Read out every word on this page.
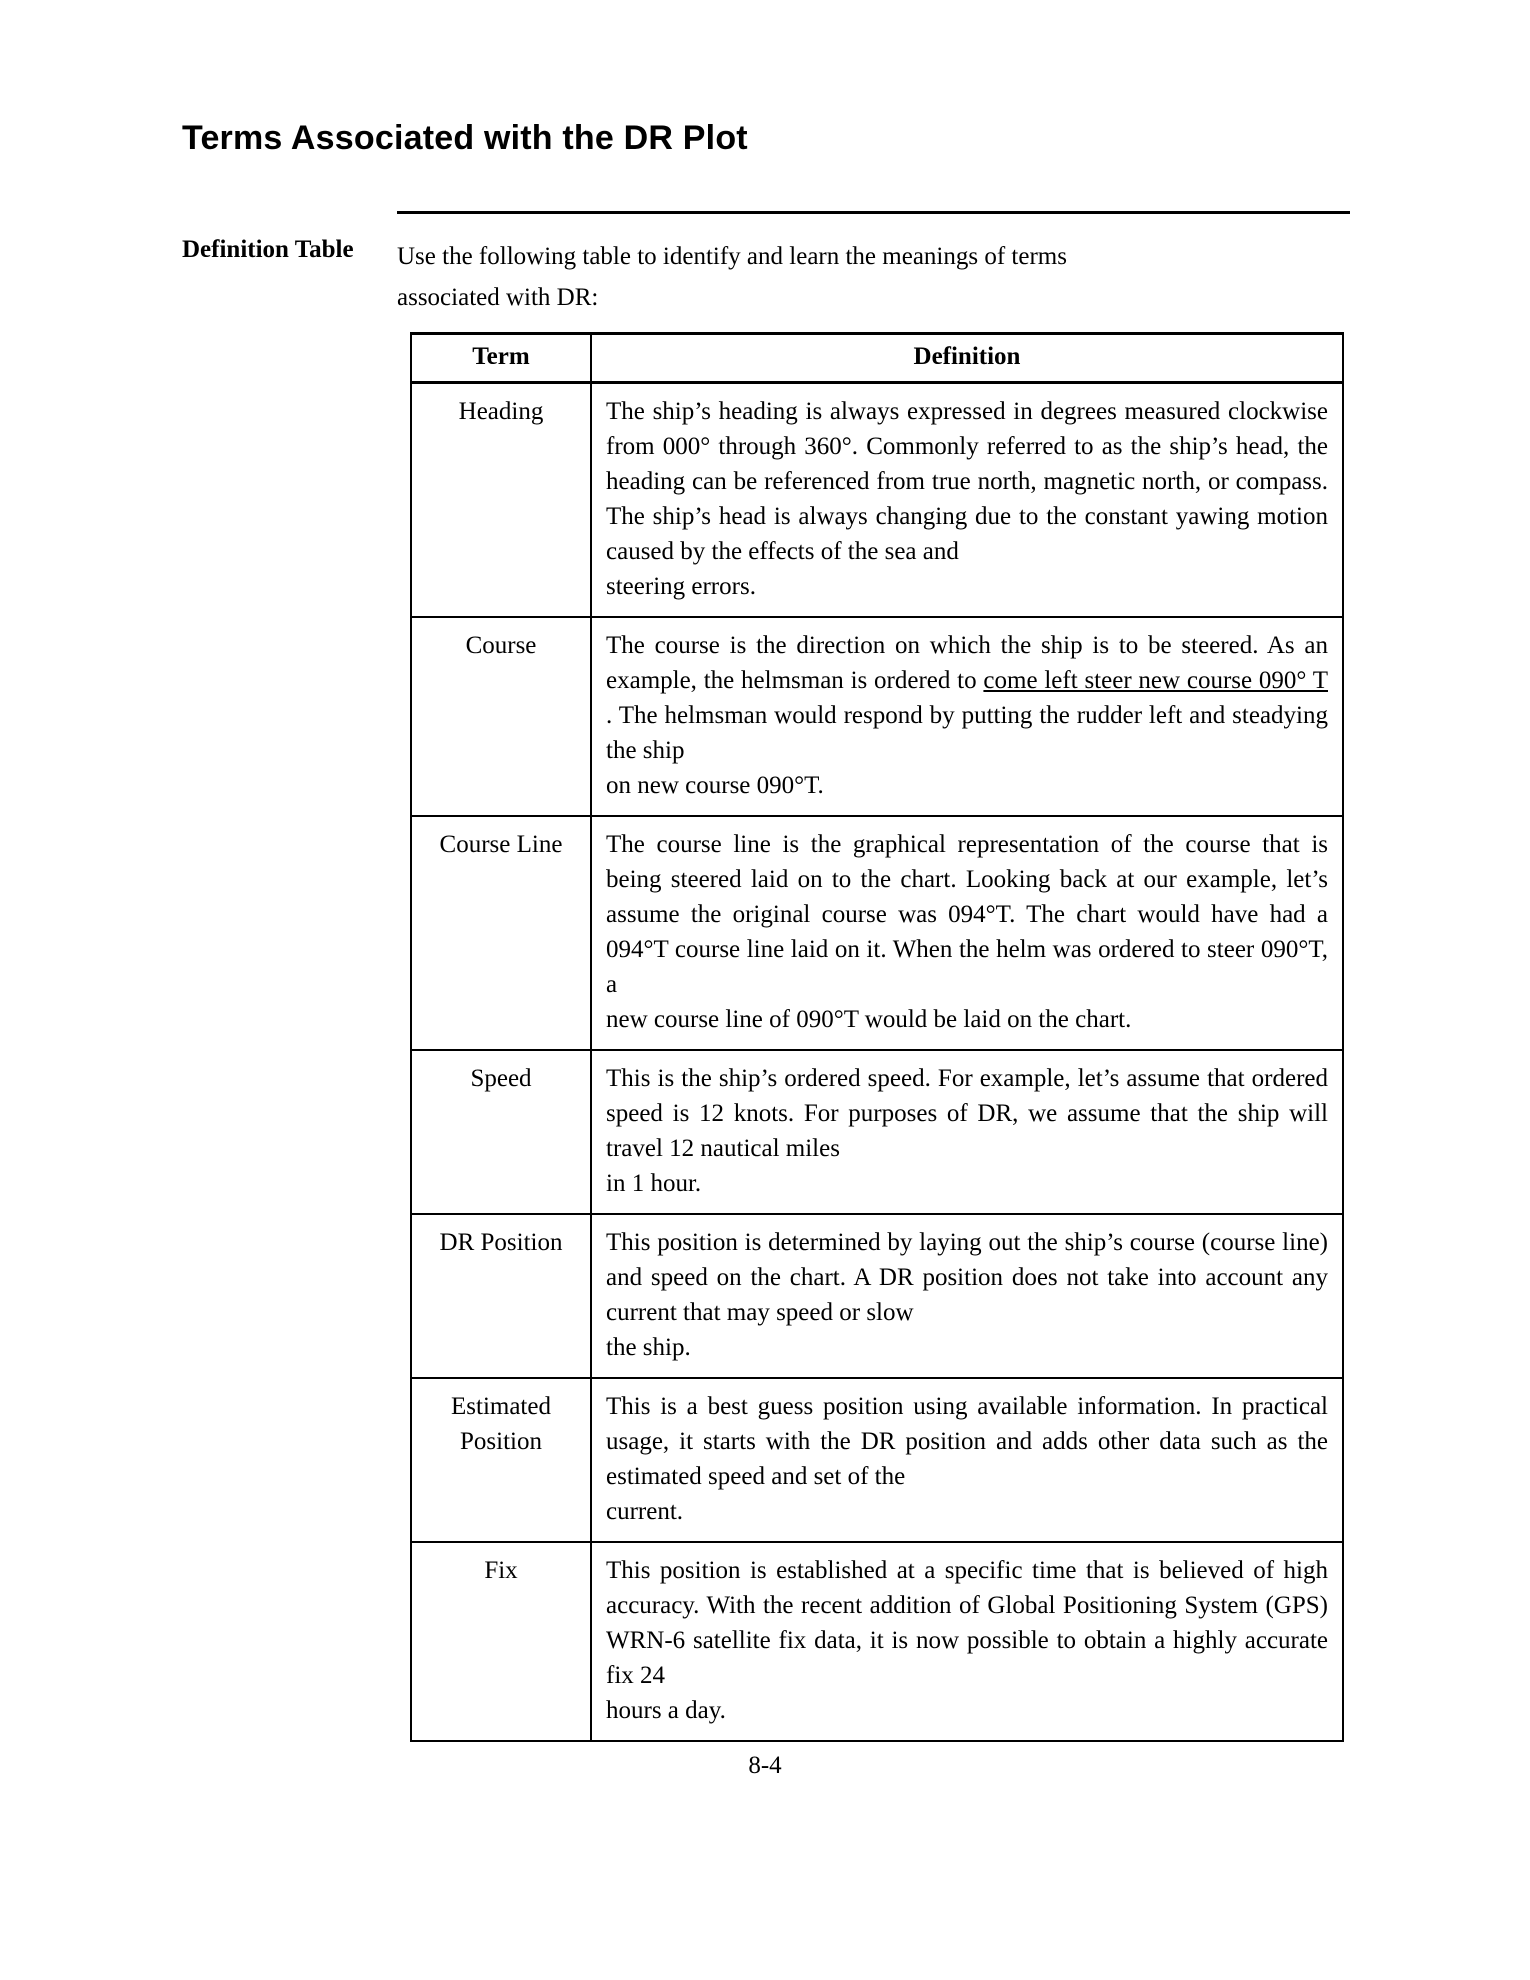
Terms Associated with the DR Plot
Definition Table	Use the following table to identify and learn the meanings of terms
associated with DR:
Term	Definition
Heading	The ship’s heading is always expressed in degrees measured clockwise from 000° through 360°. Commonly referred to as the ship’s head, the heading can be referenced from true north, magnetic north, or compass. The ship’s head is always changing due to the constant yawing motion caused by the effects of the sea and
steering errors.

Course	The course is the direction on which the ship is to be steered. As an example, the helmsman is ordered to come left steer new course 090° T . The helmsman would respond by putting the rudder left and steadying the ship
on new course 090°T.

Course Line	The course line is the graphical representation of the course that is being steered laid on to the chart. Looking back at our example, let’s assume the original course was 094°T. The chart would have had a 094°T course line laid on it. When the helm was ordered to steer 090°T, a
new course line of 090°T would be laid on the chart.

Speed	This is the ship’s ordered speed. For example, let’s assume that ordered speed is 12 knots. For purposes of DR, we assume that the ship will travel 12 nautical miles
in 1 hour.

DR Position	This position is determined by laying out the ship’s course (course line) and speed on the chart. A DR position does not take into account any current that may speed or slow
the ship.

Estimated Position	This is a best guess position using available information. In practical usage, it starts with the DR position and adds other data such as the estimated speed and set of the
current.

Fix	This position is established at a specific time that is believed of high accuracy. With the recent addition of Global Positioning System (GPS) WRN-6 satellite fix data, it is now possible to obtain a highly accurate fix 24
hours a day.
8-4
